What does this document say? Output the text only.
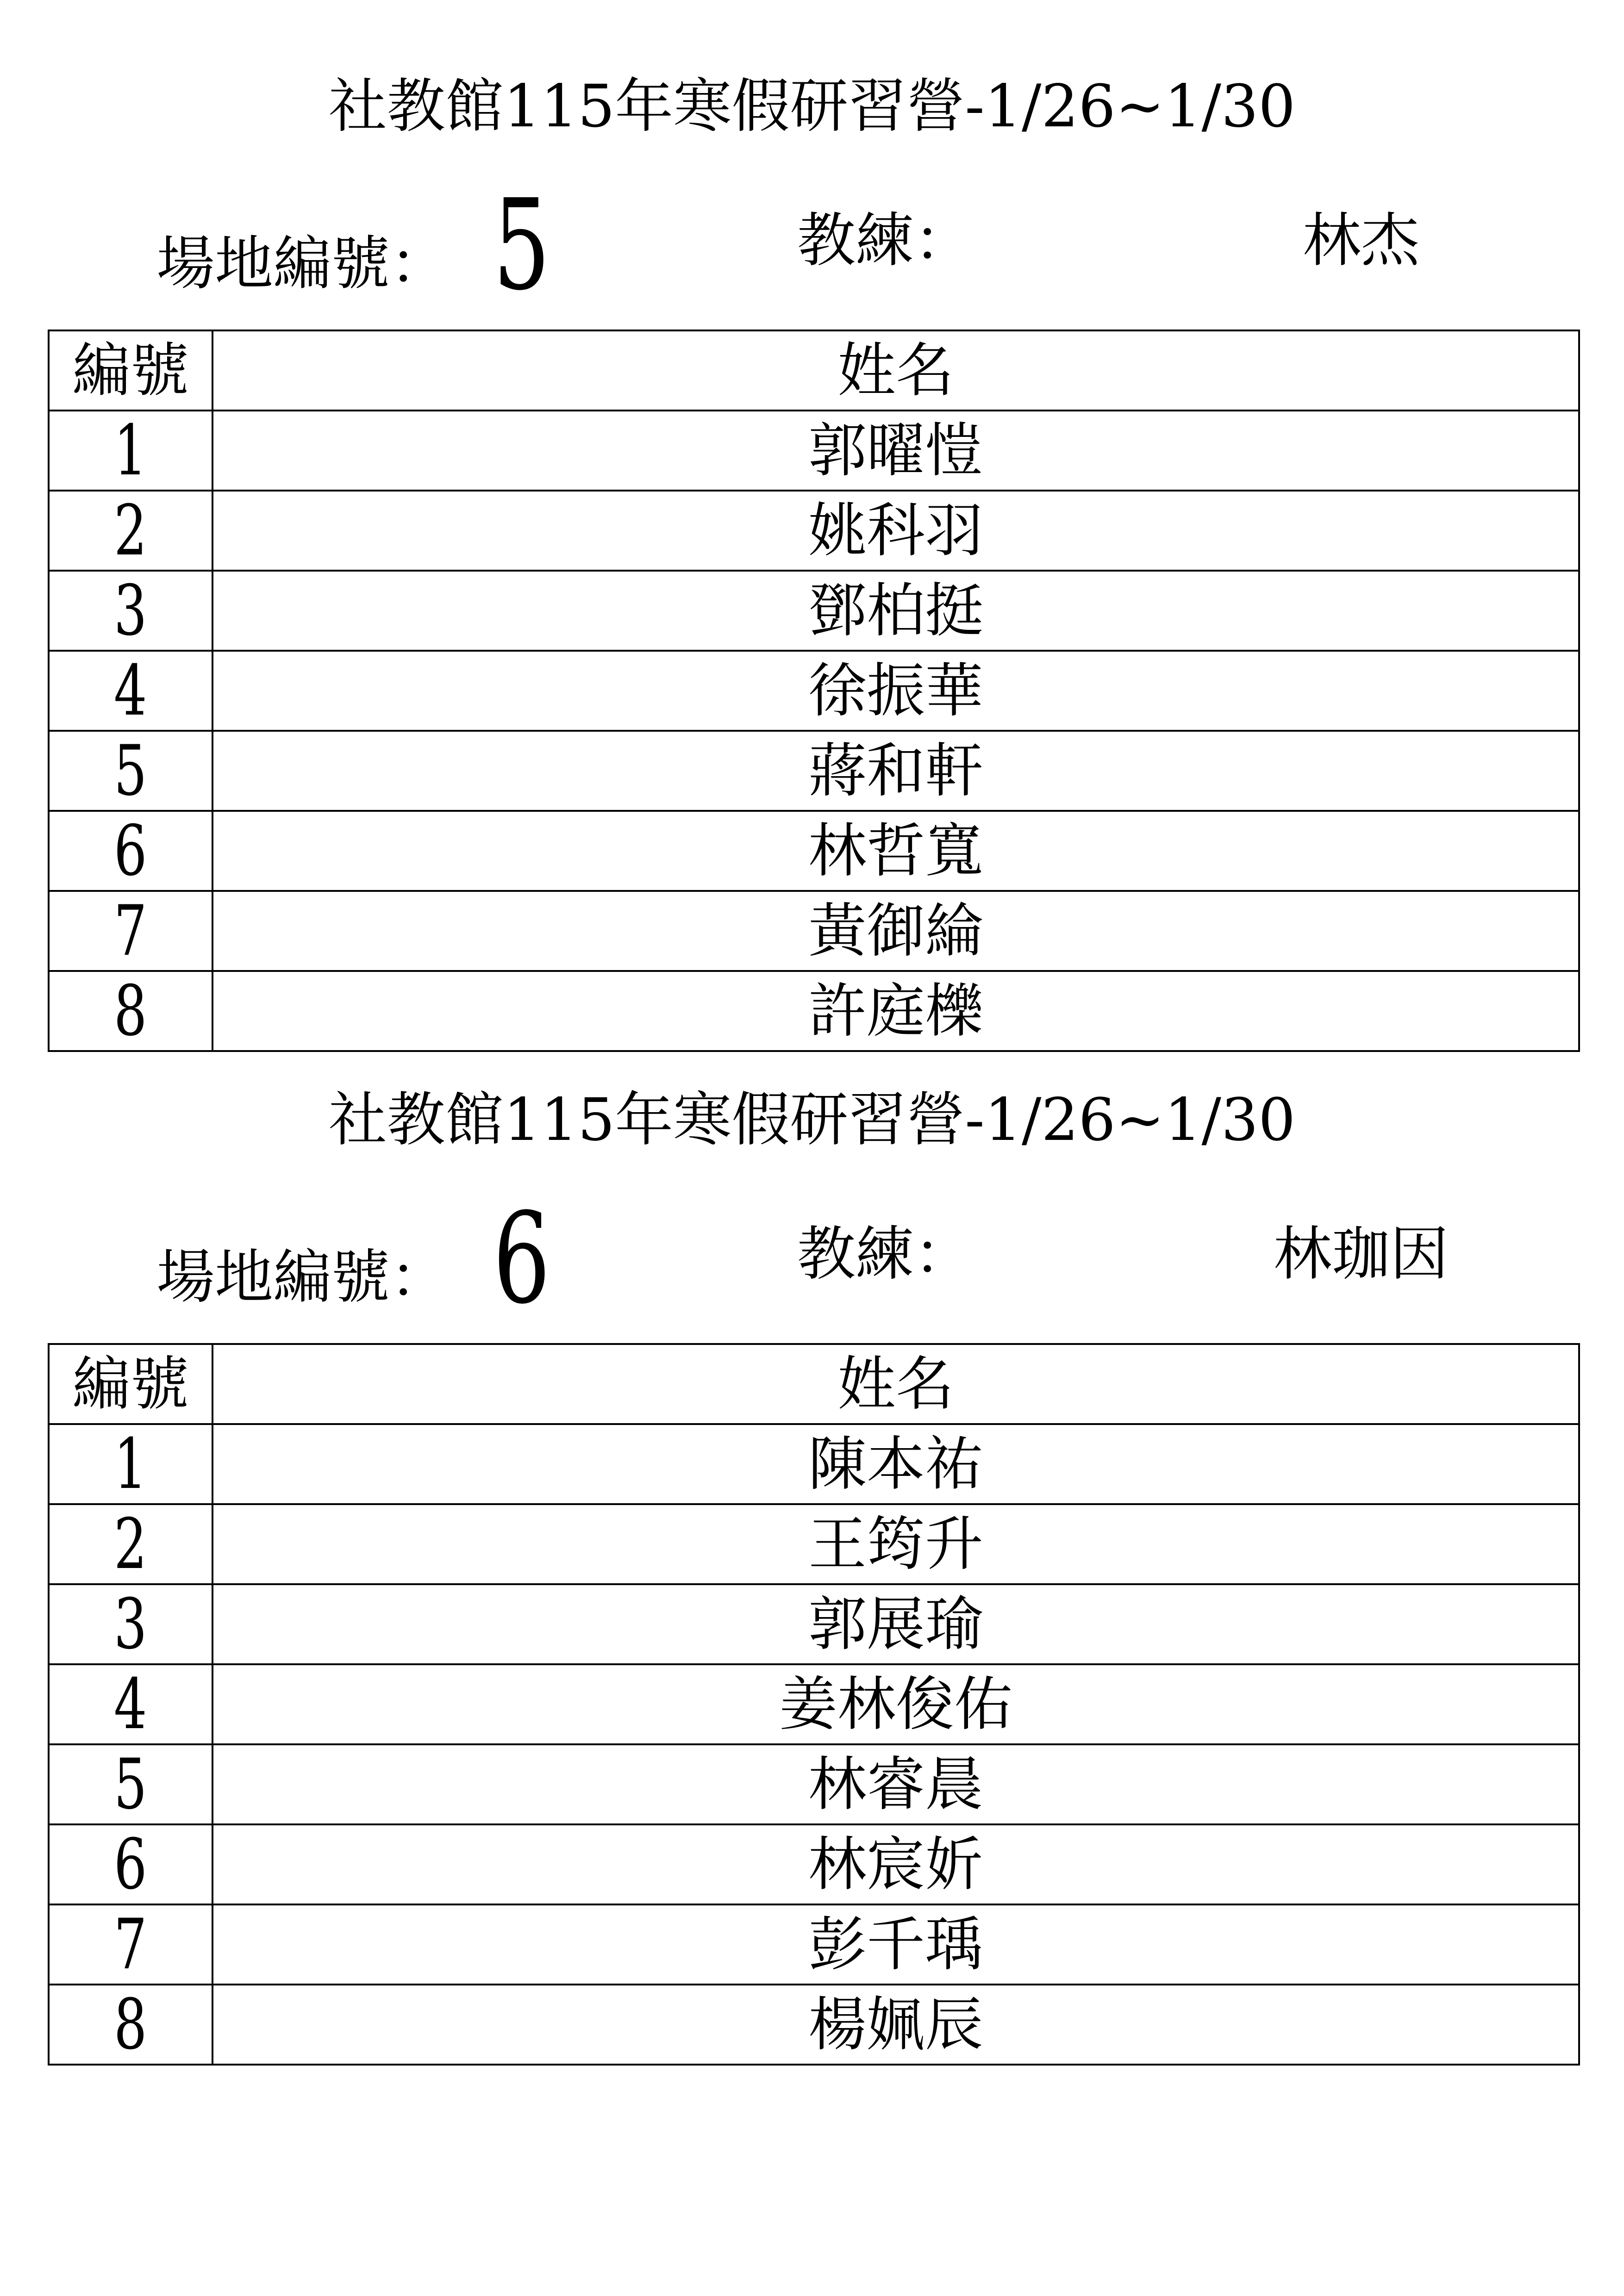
社教館115年寒假研習營-1/26~1/30
場地編號： 5	教練：	林杰
編號	姓名
1	郭曜愷
2	姚科羽
3	鄧柏挺
4	徐振華
5	蔣和軒
6	林哲寬
7	黃御綸
8	許庭櫟
社教館115年寒假研習營-1/26~1/30
場地編號： 6	教練：	林珈因
編號	姓名
1	陳本祐
2	王筠升
3	郭展瑜
4	姜林俊佑
5	林睿晨
6	林宸妡
7	彭千瑀
8	楊姵辰
